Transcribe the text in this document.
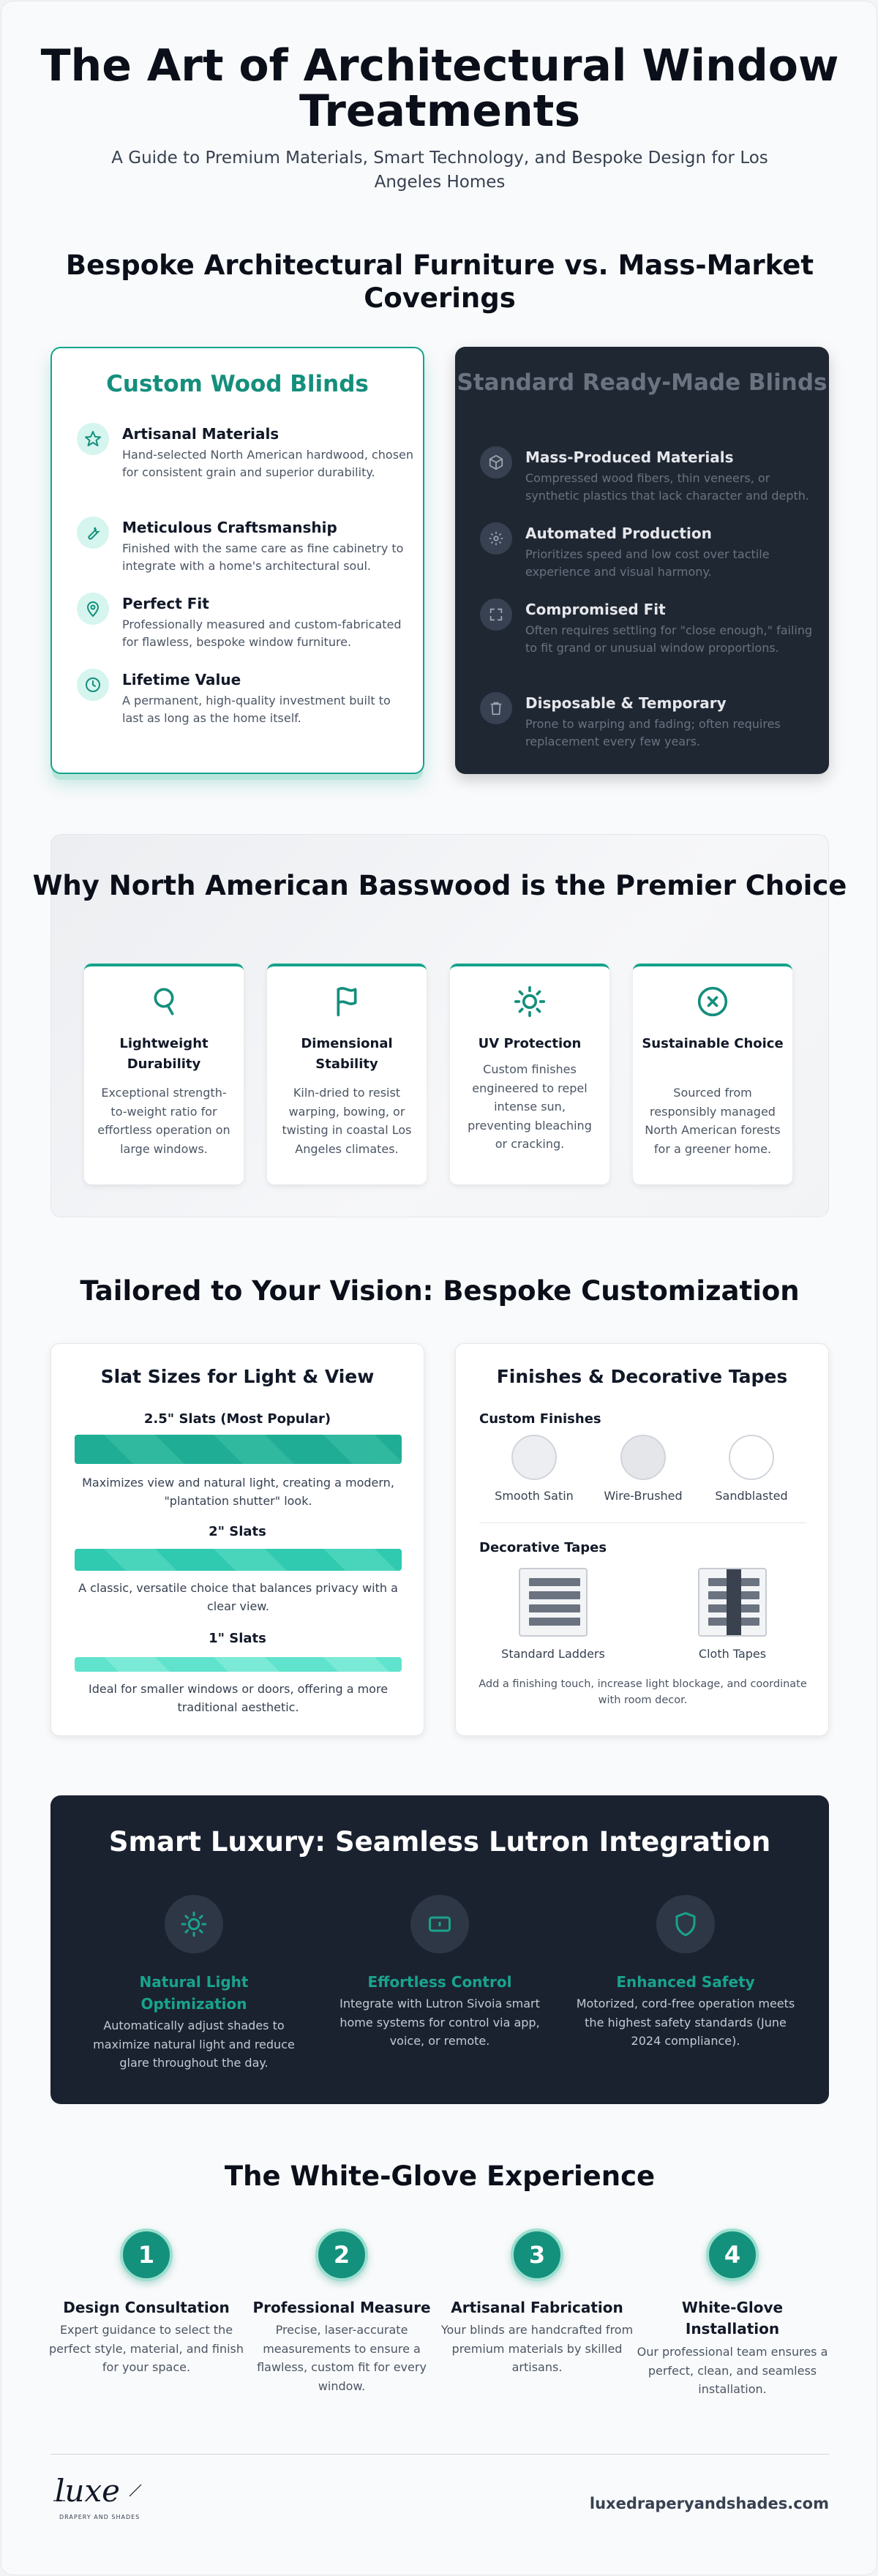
The Art of Architectural Window Treatments
A Guide to Premium Materials, Smart Technology, and Bespoke Design for Los Angeles Homes
Bespoke Architectural Furniture vs. Mass-Market Coverings
Custom Wood Blinds
Artisanal Materials
Hand-selected North American hardwood, chosen for consistent grain and superior durability.
Meticulous Craftsmanship
Finished with the same care as fine cabinetry to integrate with a home's architectural soul.
Perfect Fit
Professionally measured and custom-fabricated for flawless, bespoke window furniture.
Lifetime Value
A permanent, high-quality investment built to last as long as the home itself.
Standard Ready-Made Blinds
Mass-Produced Materials
Compressed wood fibers, thin veneers, or synthetic plastics that lack character and depth.
Automated Production
Prioritizes speed and low cost over tactile experience and visual harmony.
Compromised Fit
Often requires settling for "close enough," failing to fit grand or unusual window proportions.
Disposable & Temporary
Prone to warping and fading; often requires replacement every few years.
Why North American Basswood is the Premier Choice
Lightweight Durability
Exceptional strength-to-weight ratio for effortless operation on large windows.
Dimensional Stability
Kiln-dried to resist warping, bowing, or twisting in coastal Los Angeles climates.
UV Protection
Custom finishes engineered to repel intense sun, preventing bleaching or cracking.
Sustainable Choice
Sourced from responsibly managed North American forests for a greener home.
Tailored to Your Vision: Bespoke Customization
Slat Sizes for Light & View
2.5" Slats (Most Popular)
Maximizes view and natural light, creating a modern, "plantation shutter" look.
2" Slats
A classic, versatile choice that balances privacy with a clear view.
1" Slats
Ideal for smaller windows or doors, offering a more traditional aesthetic.
Finishes & Decorative Tapes
Custom Finishes
Smooth Satin	Wire-Brushed	Sandblasted
Decorative Tapes
Standard Ladders	Cloth Tapes
Add a finishing touch, increase light blockage, and coordinate with room decor.
Smart Luxury: Seamless Lutron Integration
Natural Light Optimization
Automatically adjust shades to maximize natural light and reduce glare throughout the day.
Effortless Control
Integrate with Lutron Sivoia smart home systems for control via app, voice, or remote.
Enhanced Safety
Motorized, cord-free operation meets the highest safety standards (June 2024 compliance).
The White-Glove Experience
1
Design Consultation
Expert guidance to select the perfect style, material, and finish for your space.
2
Professional Measure
Precise, laser-accurate measurements to ensure a flawless, custom fit for every window.
3
Artisanal Fabrication
Your blinds are handcrafted from premium materials by skilled artisans.
4
White-Glove Installation
Our professional team ensures a perfect, clean, and seamless installation.
luxe
DRAPERY AND SHADES
luxedraperyandshades.com
